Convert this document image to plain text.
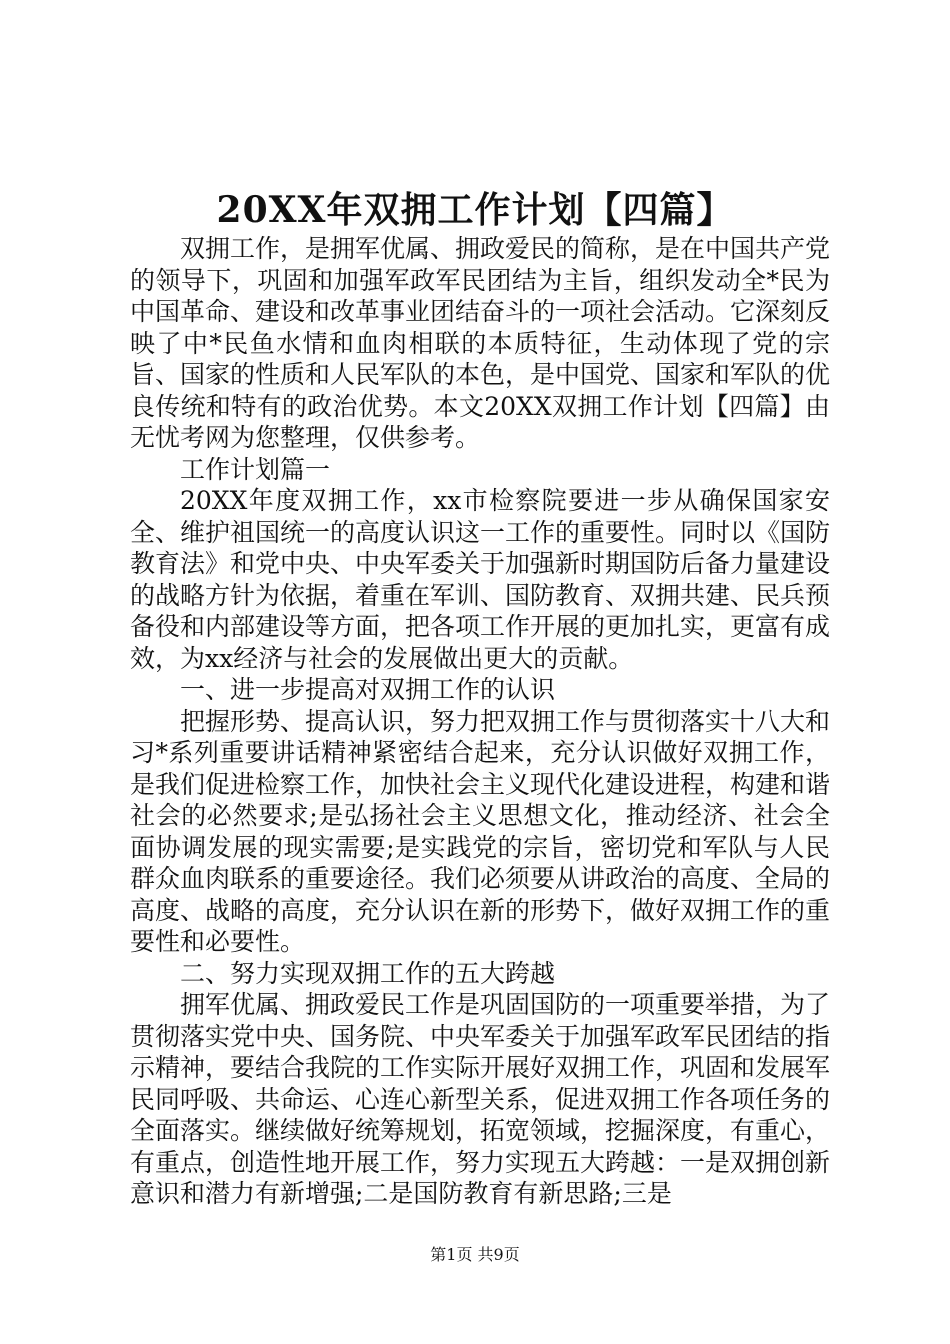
20XX年双拥工作计划【四篇】

双拥工作，是拥军优属、拥政爱民的简称，是在中国共产党的领导下，巩固和加强军政军民团结为主旨，组织发动全*民为中国革命、建设和改革事业团结奋斗的一项社会活动。它深刻反映了中*民鱼水情和血肉相联的本质特征，生动体现了党的宗旨、国家的性质和人民军队的本色，是中国党、国家和军队的优良传统和特有的政治优势。本文20XX双拥工作计划【四篇】由无忧考网为您整理，仅供参考。

工作计划篇一

20XX年度双拥工作，xx市检察院要进一步从确保国家安全、维护祖国统一的高度认识这一工作的重要性。同时以《国防教育法》和党中央、中央军委关于加强新时期国防后备力量建设的战略方针为依据，着重在军训、国防教育、双拥共建、民兵预备役和内部建设等方面，把各项工作开展的更加扎实，更富有成效，为xx经济与社会的发展做出更大的贡献。

一、进一步提高对双拥工作的认识

把握形势、提高认识，努力把双拥工作与贯彻落实十八大和习*系列重要讲话精神紧密结合起来，充分认识做好双拥工作，是我们促进检察工作，加快社会主义现代化建设进程，构建和谐社会的必然要求;是弘扬社会主义思想文化，推动经济、社会全面协调发展的现实需要;是实践党的宗旨，密切党和军队与人民群众血肉联系的重要途径。我们必须要从讲政治的高度、全局的高度、战略的高度，充分认识在新的形势下，做好双拥工作的重要性和必要性。

二、努力实现双拥工作的五大跨越

拥军优属、拥政爱民工作是巩固国防的一项重要举措，为了贯彻落实党中央、国务院、中央军委关于加强军政军民团结的指示精神，要结合我院的工作实际开展好双拥工作，巩固和发展军民同呼吸、共命运、心连心新型关系，促进双拥工作各项任务的全面落实。继续做好统筹规划，拓宽领域，挖掘深度，有重心，有重点，创造性地开展工作，努力实现五大跨越：一是双拥创新意识和潜力有新增强;二是国防教育有新思路;三是

第1页 共9页
